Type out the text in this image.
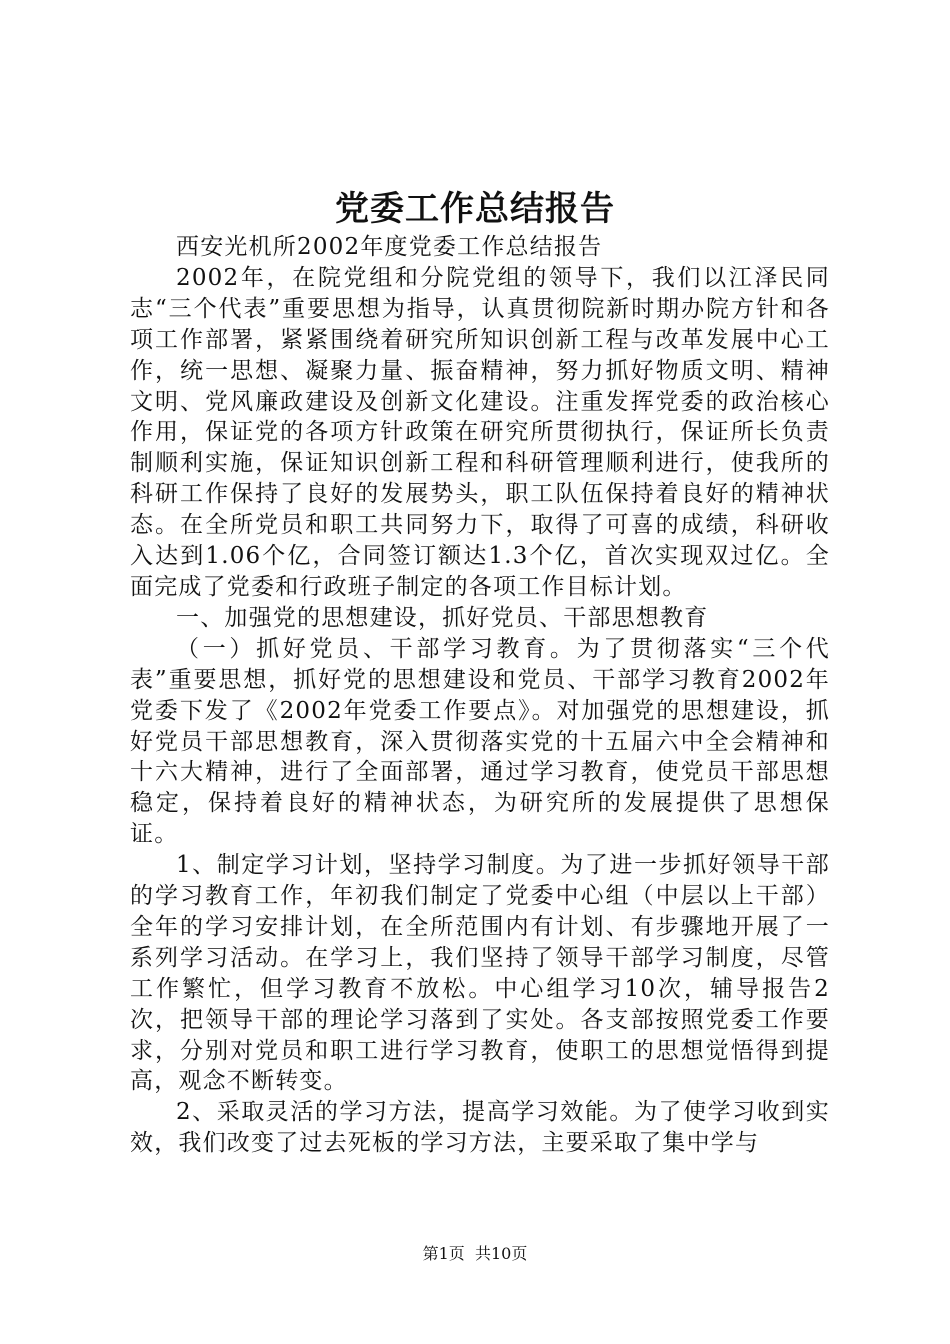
党委工作总结报告

西安光机所2002年度党委工作总结报告

2002年，在院党组和分院党组的领导下，我们以江泽民同志“三个代表”重要思想为指导，认真贯彻院新时期办院方针和各项工作部署，紧紧围绕着研究所知识创新工程与改革发展中心工作，统一思想、凝聚力量、振奋精神，努力抓好物质文明、精神文明、党风廉政建设及创新文化建设。注重发挥党委的政治核心作用，保证党的各项方针政策在研究所贯彻执行，保证所长负责制顺利实施，保证知识创新工程和科研管理顺利进行，使我所的科研工作保持了良好的发展势头，职工队伍保持着良好的精神状态。在全所党员和职工共同努力下，取得了可喜的成绩，科研收入达到1.06个亿，合同签订额达1.3个亿，首次实现双过亿。全面完成了党委和行政班子制定的各项工作目标计划。

一、加强党的思想建设，抓好党员、干部思想教育

（一）抓好党员、干部学习教育。为了贯彻落实“三个代表”重要思想，抓好党的思想建设和党员、干部学习教育2002年党委下发了《2002年党委工作要点》。对加强党的思想建设，抓好党员干部思想教育，深入贯彻落实党的十五届六中全会精神和十六大精神，进行了全面部署，通过学习教育，使党员干部思想稳定，保持着良好的精神状态，为研究所的发展提供了思想保证。

1、制定学习计划，坚持学习制度。为了进一步抓好领导干部的学习教育工作，年初我们制定了党委中心组（中层以上干部）全年的学习安排计划，在全所范围内有计划、有步骤地开展了一系列学习活动。在学习上，我们坚持了领导干部学习制度，尽管工作繁忙，但学习教育不放松。中心组学习10次，辅导报告2次，把领导干部的理论学习落到了实处。各支部按照党委工作要求，分别对党员和职工进行学习教育，使职工的思想觉悟得到提高，观念不断转变。

2、采取灵活的学习方法，提高学习效能。为了使学习收到实效，我们改变了过去死板的学习方法，主要采取了集中学与

第1页 共10页
